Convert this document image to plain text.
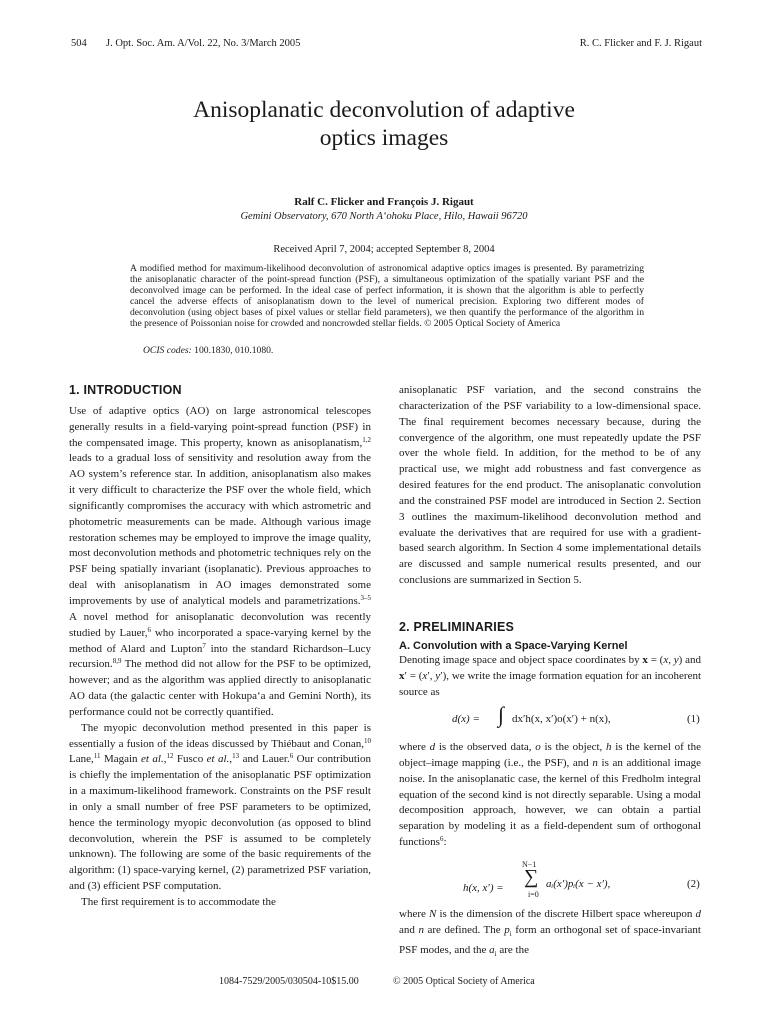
504 J. Opt. Soc. Am. A/Vol. 22, No. 3/March 2005	R. C. Flicker and F. J. Rigaut
Anisoplanatic deconvolution of adaptive
optics images
Ralf C. Flicker and François J. Rigaut
Gemini Observatory, 670 North A‘ohoku Place, Hilo, Hawaii 96720
Received April 7, 2004; accepted September 8, 2004
A modified method for maximum-likelihood deconvolution of astronomical adaptive optics images is presented. By parametrizing the anisoplanatic character of the point-spread function (PSF), a simultaneous optimization of the spatially variant PSF and the deconvolved image can be performed. In the ideal case of perfect information, it is shown that the algorithm is able to perfectly cancel the adverse effects of anisoplanatism down to the level of numerical precision. Exploring two different modes of deconvolution (using object bases of pixel values or stellar field parameters), we then quantify the performance of the algorithm in the presence of Poissonian noise for crowded and noncrowded stellar fields. © 2005 Optical Society of America
OCIS codes: 100.1830, 010.1080.
1. INTRODUCTION

Use of adaptive optics (AO) on large astronomical telescopes generally results in a field-varying point-spread function (PSF) in the compensated image. This property, known as anisoplanatism,$^{1,2}$ leads to a gradual loss of sensitivity and resolution away from the AO system’s reference star. In addition, anisoplanatism also makes it very difficult to characterize the PSF over the whole field, which significantly compromises the accuracy with which astrometric and photometric measurements can be made. Although various image restoration schemes may be employed to improve the image quality, most deconvolution methods and photometric techniques rely on the PSF being spatially invariant (isoplanatic). Previous approaches to deal with anisoplanatism in AO images demonstrated some improvements by use of analytical models and parametrizations.$^{3-5}$ A novel method for anisoplanatic deconvolution was recently studied by Lauer,$^6$ who incorporated a space-varying kernel by the method of Alard and Lupton$^7$ into the standard Richardson–Lucy recursion.$^{8,9}$ The method did not allow for the PSF to be optimized, however; and as the algorithm was applied directly to anisoplanatic AO data (the galactic center with Hokupa‘a and Gemini North), its performance could not be correctly quantified.

The myopic deconvolution method presented in this paper is essentially a fusion of the ideas discussed by Thiébaut and Conan,$^{10}$ Lane,$^{11}$ Magain et al.,$^{12}$ Fusco et al.,$^{13}$ and Lauer.$^6$ Our contribution is chiefly the implementation of the anisoplanatic PSF optimization in a maximum-likelihood framework. Constraints on the PSF result in only a small number of free PSF parameters to be optimized, hence the terminology myopic deconvolution (as opposed to blind deconvolution, wherein the PSF is assumed to be completely unknown). The following are some of the basic requirements of the algorithm: (1) space-varying kernel, (2) parametrized PSF variation, and (3) efficient PSF computation.

The first requirement is to accommodate the

anisoplanatic PSF variation, and the second constrains the characterization of the PSF variability to a low-dimensional space. The final requirement becomes necessary because, during the convergence of the algorithm, one must repeatedly update the PSF over the whole field. In addition, for the method to be of any practical use, we might add robustness and fast convergence as desired features for the end product. The anisoplanatic convolution and the constrained PSF model are introduced in Section 2. Section 3 outlines the maximum-likelihood deconvolution method and evaluate the derivatives that are required for use with a gradient-based search algorithm. In Section 4 some implementational details are discussed and sample numerical results presented, and our conclusions are summarized in Section 5.

2. PRELIMINARIES
A. Convolution with a Space-Varying Kernel

Denoting image space and object space coordinates by x = (x, y) and x′ = (x′, y′), we write the image formation equation for an incoherent source as

d(x) = ∫ dx′h(x, x′)o(x′) + n(x),	(1)

where d is the observed data, o is the object, h is the kernel of the object–image mapping (i.e., the PSF), and n is an additional image noise. In the anisoplanatic case, the kernel of this Fredholm integral equation of the second kind is not directly separable. Using a modal decomposition approach, however, we can obtain a partial separation by modeling it as a field-dependent sum of orthogonal functions$^6$:

N−1
h(x, x′) = ∑
i=0
aᵢ(x′)pᵢ(x − x′),	(2)

where N is the dimension of the discrete Hilbert space whereupon d and n are defined. The $p_i$ form an orthogonal set of space-invariant PSF modes, and the $a_i$ are the

1084-7529/2005/030504-10$15.00	© 2005 Optical Society of America
